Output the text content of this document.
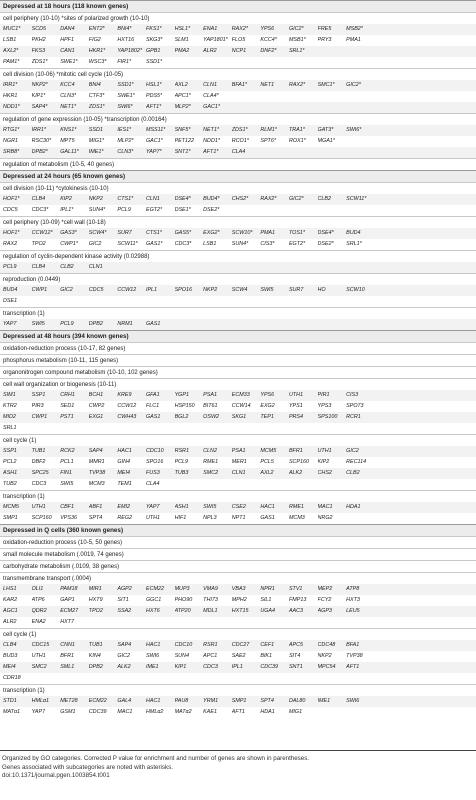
Depressed at 18 hours (118 known genes)
cell periphery (10-10) *sites of polarized growth (10-10)
MUC1*	SCD5	DAN4	ENT2*	BNI4*	FKS1*	HSL1*	ENA1	RAX2*	YPS6	GIC2*	FRE5	MSB2*
LSB1	PKH2	HPF1	FIG2	HXT16	SKG3*	SLM1	YAP1801* FLO5	KCC4*	MSB1*	PRY3	PMA1
AXL2*	FKS3	CAN1	HKR1*	YAP1802* GPB1	PMA2	ALR2	NCP1	DNF2*	SRL1*
PAM1*	ZDS1*	SWE1*	WSC3*	FIR1*	SSD1*
cell division (10-06) *mitotic cell cycle (10-05)
IRR1*	NKP2*	KCC4	BNI4	SSD1*	HSL1*	AXL2	CLN1	BFA1*	NET1	RAX2*	SMC1*	GIC2*
HKR1	KIP1*	CLN3*	CTF3*	SWE1*	PDS5*	APC1*	CLA4*
NDD1*	SAP4*	NET1*	ZDS1*	SWI6*	AFT1*	MLP2*	GAC1*
regulation of gene expression (10-05) *transcription (0.00164)
RTG1*	IRR1*	KNS1*	SSD1	IES1*	MSS11*	SNF5*	NET1*	ZDS1*	RLM1*	TRA1*	GAT3*	SWI6*
NGR1	RSC30*	MPT5	MIG1*	MLP2*	GAC1*	PET122	NDD1*	RCO1*	SPT6*	ROX1*	MGA1*
SRB8*	DPB2*	GAL11*	IME1*	CLN3*	YAP7*	SNT1*	AFT1*	CLA4
regulation of metabolism (10-5, 40 genes)
Depressed at 24 hours (65 known genes)
cell division (10-11) *cytokinesis (10-10)
HOF1*	CLB4	KIP2	NKP2	CTS1*	CLN1	DSE4*	BUD4*	CHS2*	RAX2*	GIC2*	CLB2	SCW11*
CDC5	CDC3*	IPL1*	SUN4*	PCL9	EGT2*	DSE1*	DSE2*
cell periphery (10-09) *cell wall (10-18)
HOF1*	CCW12*	GAS3*	SCW4*	SUR7	CTS1*	GAS5*	EXG2*	SCW10*	PMA1	TOS1*	DSE4*	BUD4
RAX2	TPO2	CWP1*	GIC2	SCW11*	GAS1*	CDC3*	LSB1	SUN4*	CIS3*	EGT2*	DSE2*	SRL1*
regulation of cyclin-dependent kinase activity (0.02988)
PCL9	CLB4	CLB2	CLN1
reproduction (0.0449)
BUD4	CWP1	GIC2	CDC5	CCW12	IPL1	SPO16	NKP2	SCW4	SWI5	SUR7	HO	SCW10
DSE1
transcription (1)
YAP7	SWI5	PCL9	DPB2	NRM1	GAS1
Depressed at 48 hours (394 known genes)
oxidation-reduction process (10-17, 82 genes)
phosphorus metabolism (10-11, 115 genes)
organonitrogen compound metabolism (10-10, 102 genes)
cell wall organization or biogenesis (10-11)
SIM1	SSP1	CRH1	BCH1	KRE9	GFA1	YGP1	PSA1	ECM33	YPS6	UTH1	PIR1	CIS3
KTR2	PIR3	SED1	CWP2	CCW12	FLC1	HSP150	BIT61	CCW14	EXG2	YPS1	YPS3	SPO73
MID2	CWP1	PST1	EXG1	CWH43	GAS1	BGL2	OSW2	SKG1	TEP1	PRS4	SPS100	RCR1
SRL1
cell cycle (1)
SSP1	TUB1	RCK2	SAP4	HAC1	CDC10	RSR1	CLN2	PSA1	MCM5	BFR1	UTH1	GIC2
PCL2	DBF2	PCL1	MMR1	GIN4	SPO16	PCL9	RME1	MER1	PCL5	SCP160	KIP2	REC114
ASH1	SPC25	FIN1	TVP38	MEI4	FUS3	TUB3	SMC2	CLN1	AXL2	ALK2	CHS2	CLB2
TUB2	CDC3	SWI5	MCM3	TEM1	CLA4
transcription (1)
MCM5	UTH1	CBF1	ABF1	EMI2	YAP7	ASH1	SWI5	CSE2	HAC1	RME1	MAC1	HDA1
SMP1	SCP160	VPS36	SPT4	REG2	UTH1	HIF1	NPL3	NPT1	GAS1	MCM3	NRG2
Depressed in Q cells (360 known genes)
oxidation-reduction process (10-5, 50 genes)
small molecule metabolism (.0019, 74 genes)
carbohydrate metabolism (.0109, 38 genes)
transmembrane transport (.0004)
LHS1	OLI1	PAM18	MIR1	AGP2	ECM22	MUP3	VMA9	VBA3	NPR1	STV1	MEP2	ATP8
KAR2	ATP6	GAP1	HXT9	SIT1	GGC1	PHO90	THI73	MPH2	SIL1	FMP13	FCY2	HXT3
AGC1	QDR2	ECM27	TPO2	SSA2	HXT6	ATP20	MDL1	HXT15	UGA4	AAC3	AGP3	LEU5
ALR2	ENA2	HXT7
cell cycle (1)
CLB4	CDC15	CNN1	TUB1	SAP4	HAC1	CDC10	RSR1	CDC27	CEF1	APC5	CDC48	BFA1
BUD3	UTH1	BFR1	KIN4	GIC2	SWI6	SUN4	APC1	SAE2	BIK1	SIT4	NKP2	TVP38
MEI4	SMC2	SML1	DPB2	ALK2	IME1	KIP1	CDC3	IPL1	CDC39	SNT1	MPC54	AFT1
CDR18
transcription (1)
STD1	HMLα1	MET28	ECM22	GAL4	HAC1	PAU8	YRM1	SMP1	SPT4	DAL80	IME1	SWI6
MATα1	YAP7	GSM1	CDC39	MAC1	HMLα2	MATα2	KAE1	AFT1	HDA1	MIG1
Organized by GO categories. Corrected P value for enrichment and number of genes are shown in parentheses.
Genes associated with subcategories are noted with asterisks.
doi:10.1371/journal.pgen.1003854.t001
